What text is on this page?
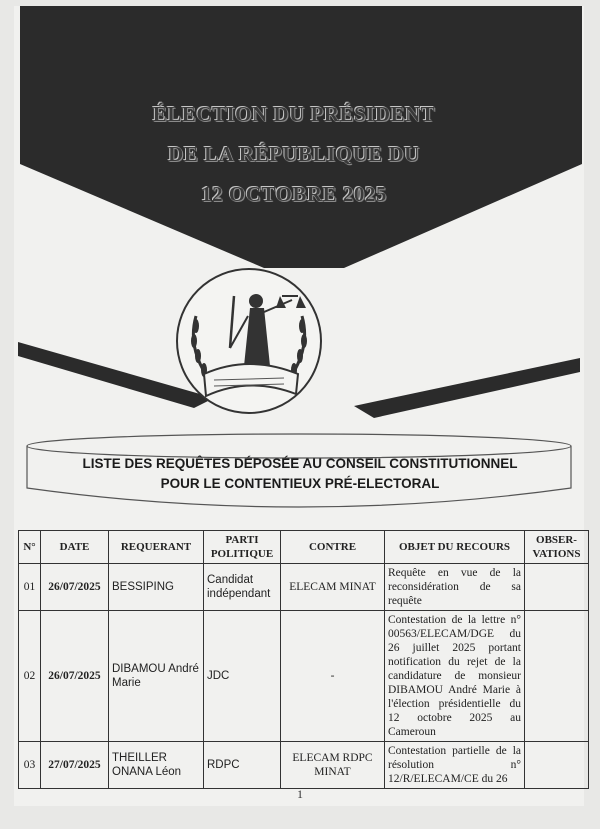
ÉLECTION DU PRÉSIDENT
DE LA RÉPUBLIQUE DU
12 OCTOBRE 2025
LISTE DES REQUÊTES DÉPOSÉE AU CONSEIL CONSTITUTIONNEL
POUR LE CONTENTIEUX PRÉ-ELECTORAL
N°	DATE	REQUERANT	PARTI POLITIQUE	CONTRE	OBJET DU RECOURS	OBSER-VATIONS
01	26/07/2025	BESSIPING	Candidat indépendant	ELECAM MINAT	Requête en vue de la reconsidération de sa requête	
02	26/07/2025	DIBAMOU André Marie	JDC	-	Contestation de la lettre n° 00563/ELECAM/DGE du 26 juillet 2025 portant notification du rejet de la candidature de monsieur DIBAMOU André Marie à l'élection présidentielle du 12 octobre 2025 au Cameroun	
03	27/07/2025	THEILLER ONANA Léon	RDPC	ELECAM RDPC MINAT	Contestation partielle de la résolution n° 12/R/ELECAM/CE du 26	
1
